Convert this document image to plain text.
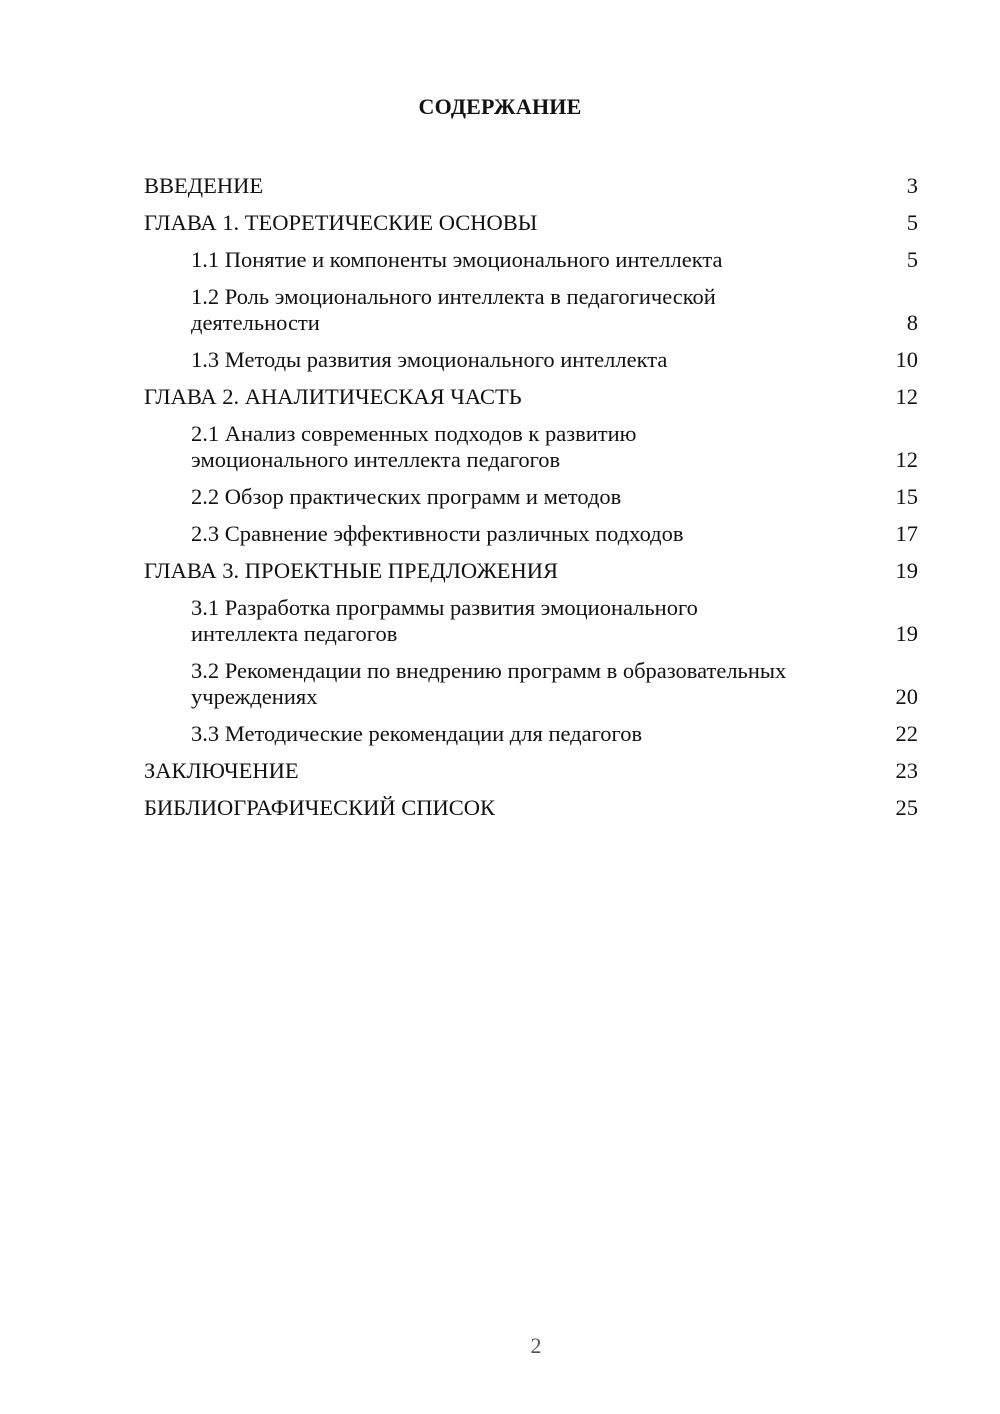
СОДЕРЖАНИЕ
ВВЕДЕНИЕ	3
ГЛАВА 1. ТЕОРЕТИЧЕСКИЕ ОСНОВЫ	5
1.1 Понятие и компоненты эмоционального интеллекта	5
1.2 Роль эмоционального интеллекта в педагогической деятельности	8
1.3 Методы развития эмоционального интеллекта	10
ГЛАВА 2. АНАЛИТИЧЕСКАЯ ЧАСТЬ	12
2.1 Анализ современных подходов к развитию эмоционального интеллекта педагогов	12
2.2 Обзор практических программ и методов	15
2.3 Сравнение эффективности различных подходов	17
ГЛАВА 3. ПРОЕКТНЫЕ ПРЕДЛОЖЕНИЯ	19
3.1 Разработка программы развития эмоционального интеллекта педагогов	19
3.2 Рекомендации по внедрению программ в образовательных учреждениях	20
3.3 Методические рекомендации для педагогов	22
ЗАКЛЮЧЕНИЕ	23
БИБЛИОГРАФИЧЕСКИЙ СПИСОК	25
2
